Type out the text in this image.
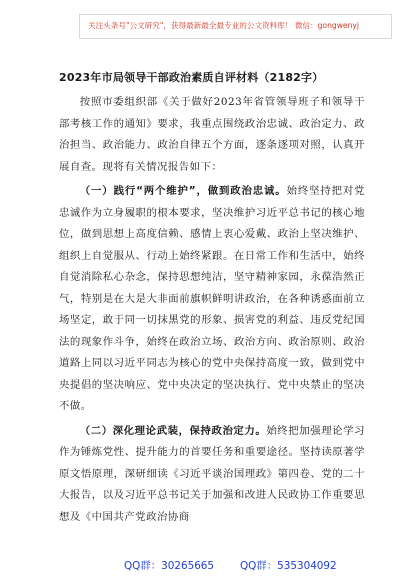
关注头条号"公文研究"，获得最新最全最专业的公文资料库！ 微信：gongwenyj
2023年市局领导干部政治素质自评材料（2182字）

按照市委组织部《关于做好2023年省管领导班子和领导干部考核工作的通知》要求，我重点围绕政治忠诚、政治定力、政治担当、政治能力、政治自律五个方面，逐条逐项对照，认真开展自查。现将有关情况报告如下：

（一）践行“两个维护”，做到政治忠诚。始终坚持把对党忠诚作为立身履职的根本要求，坚决维护习近平总书记的核心地位，做到思想上高度信赖、感情上衷心爱戴、政治上坚决维护、组织上自觉服从、行动上始终紧跟。在日常工作和生活中，始终自觉消除私心杂念，保持思想纯洁，坚守精神家园，永葆浩然正气，特别是在大是大非面前旗帜鲜明讲政治，在各种诱惑面前立场坚定，敢于同一切抹黑党的形象、损害党的利益、违反党纪国法的现象作斗争，始终在政治立场、政治方向、政治原则、政治道路上同以习近平同志为核心的党中央保持高度一致，做到党中央提倡的坚决响应、党中央决定的坚决执行、党中央禁止的坚决不做。

（二）深化理论武装，保持政治定力。始终把加强理论学习作为锤炼党性、提升能力的首要任务和重要途径。坚持读原著学原文悟原理，深研细读《习近平谈治国理政》第四卷、党的二十大报告，以及习近平总书记关于加强和改进人民政协工作重要思想及《中国共产党政治协商

QQ群：30265665 QQ群：535304092
